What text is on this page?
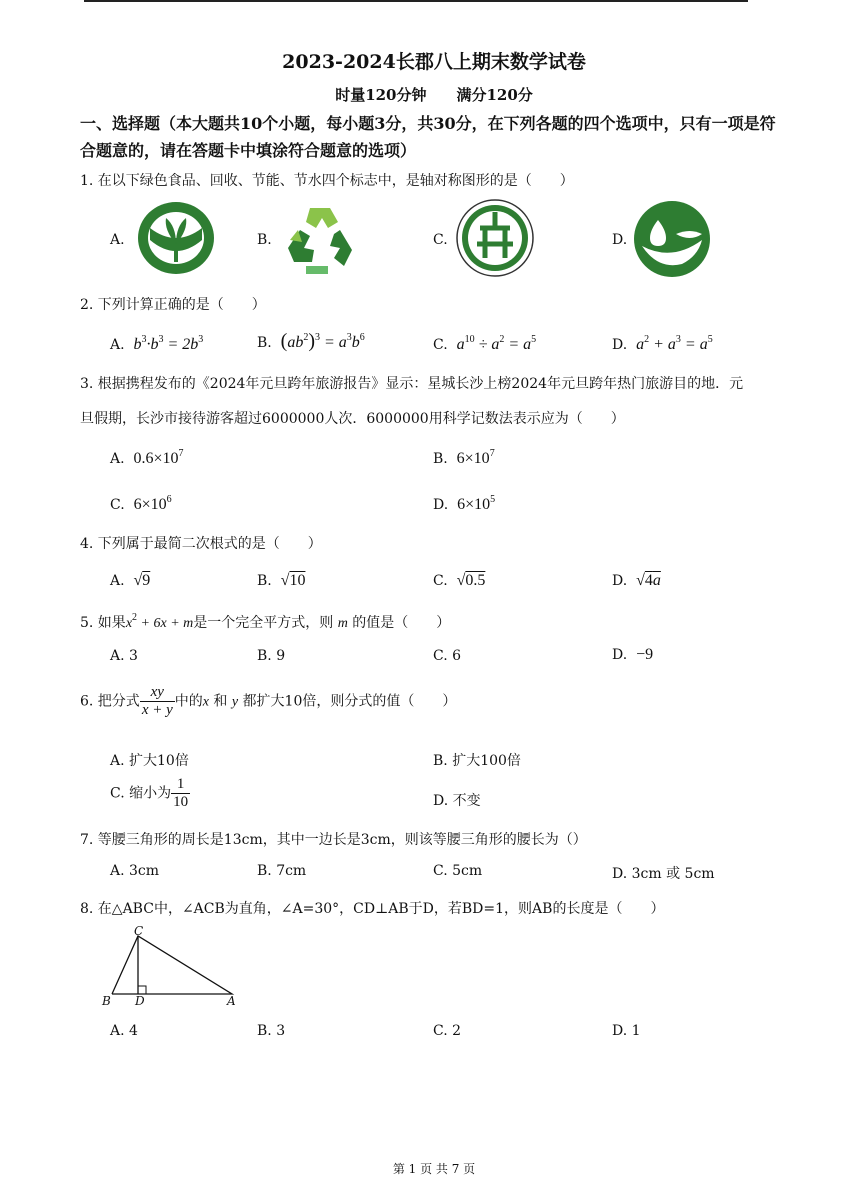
2023-2024长郡八上期末数学试卷
时量120分钟 满分120分
一、选择题（本大题共10个小题，每小题3分，共30分，在下列各题的四个选项中，只有一项是符合题意的，请在答题卡中填涂符合题意的选项）
1. 在以下绿色食品、回收、节能、节水四个标志中，是轴对称图形的是（　　）
A.	B.	C.	D.
2. 下列计算正确的是（　　）
A. $b^3\cdot b^3 = 2b^3$	B. $(ab^2)^3 = a^3b^6$	C. $a^{10} \div a^2 = a^5$	D. $a^2 + a^3 = a^5$
3. 根据携程发布的《2024年元旦跨年旅游报告》显示：星城长沙上榜2024年元旦跨年热门旅游目的地．元
旦假期，长沙市接待游客超过6000000人次．6000000用科学记数法表示应为（　　）
A. $0.6\times 10^7$	B. $6\times 10^7$
C. $6\times 10^6$	D. $6\times 10^5$
4. 下列属于最简二次根式的是（　　）
A. √9	B. √10	C. √0.5	D. √4a
5. 如果$x^2 + 6x + m$是一个完全平方式，则 m 的值是（　　）
A. 3	B. 9	C. 6	D. −9
6. 把分式 $\frac{xy}{x + y}$ 中的x 和 y 都扩大10倍，则分式的值（　　）
A. 扩大10倍	B. 扩大100倍
C. 缩小为 $\frac{1}{10}$	D. 不变
7. 等腰三角形的周长是13cm，其中一边长是3cm，则该等腰三角形的腰长为（）
A. 3cm	B. 7cm	C. 5cm	D. 3cm 或 5cm
8. 在△ABC中，∠ACB为直角，∠A=30°，CD⊥AB于D，若BD=1，则AB的长度是（　　）
C
B D	A
A. 4	B. 3	C. 2	D. 1
第 1 页 共 7 页
